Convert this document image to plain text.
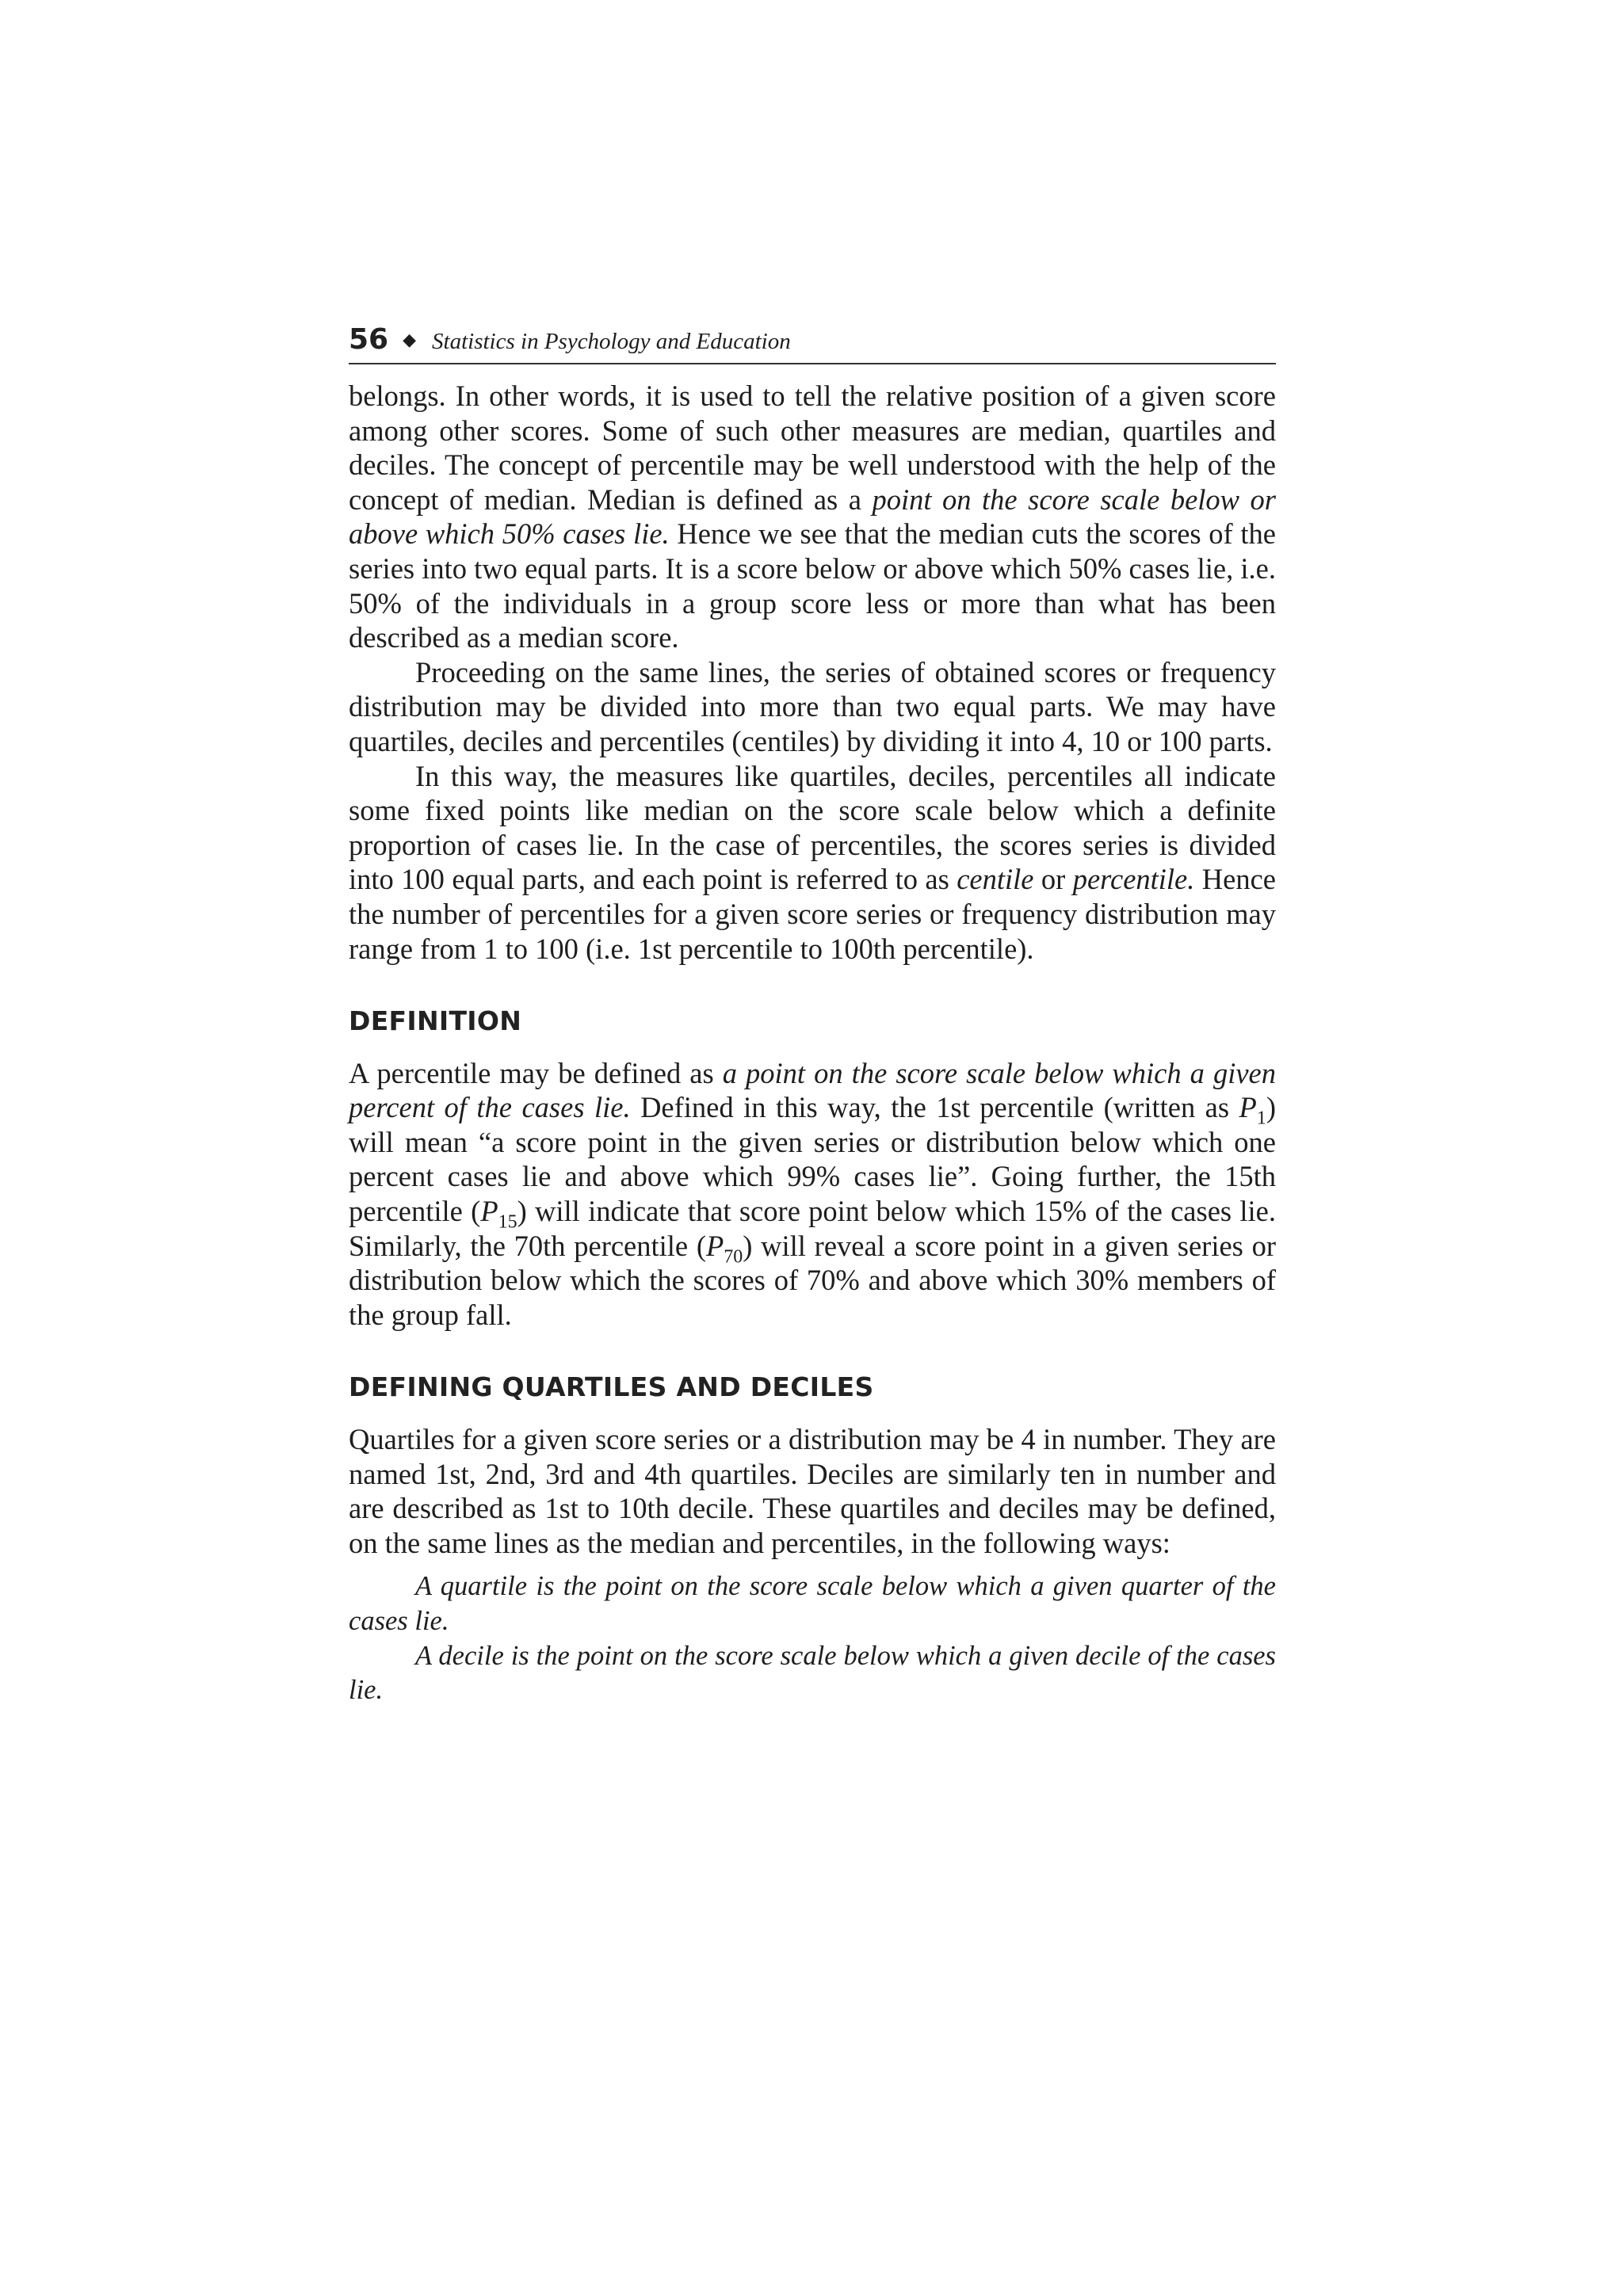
56 ◆ Statistics in Psychology and Education

belongs. In other words, it is used to tell the relative position of a given score among other scores. Some of such other measures are median, quartiles and deciles. The concept of percentile may be well understood with the help of the concept of median. Median is defined as a point on the score scale below or above which 50% cases lie. Hence we see that the median cuts the scores of the series into two equal parts. It is a score below or above which 50% cases lie, i.e. 50% of the individuals in a group score less or more than what has been described as a median score.

Proceeding on the same lines, the series of obtained scores or frequency distribution may be divided into more than two equal parts. We may have quartiles, deciles and percentiles (centiles) by dividing it into 4, 10 or 100 parts.

In this way, the measures like quartiles, deciles, percentiles all indicate some fixed points like median on the score scale below which a definite proportion of cases lie. In the case of percentiles, the scores series is divided into 100 equal parts, and each point is referred to as centile or percentile. Hence the number of percentiles for a given score series or frequency distribution may range from 1 to 100 (i.e. 1st percentile to 100th percentile).

DEFINITION

A percentile may be defined as a point on the score scale below which a given percent of the cases lie. Defined in this way, the 1st percentile (written as $P_1$) will mean “a score point in the given series or distribution below which one percent cases lie and above which 99% cases lie”. Going further, the 15th percentile $(P_{15})$ will indicate that score point below which 15% of the cases lie. Similarly, the 70th percentile $(P_{70})$ will reveal a score point in a given series or distribution below which the scores of 70% and above which 30% members of the group fall.

DEFINING QUARTILES AND DECILES

Quartiles for a given score series or a distribution may be 4 in number. They are named 1st, 2nd, 3rd and 4th quartiles. Deciles are similarly ten in number and are described as 1st to 10th decile. These quartiles and deciles may be defined, on the same lines as the median and percentiles, in the following ways:

A quartile is the point on the score scale below which a given quarter of the cases lie.

A decile is the point on the score scale below which a given decile of the cases lie.
